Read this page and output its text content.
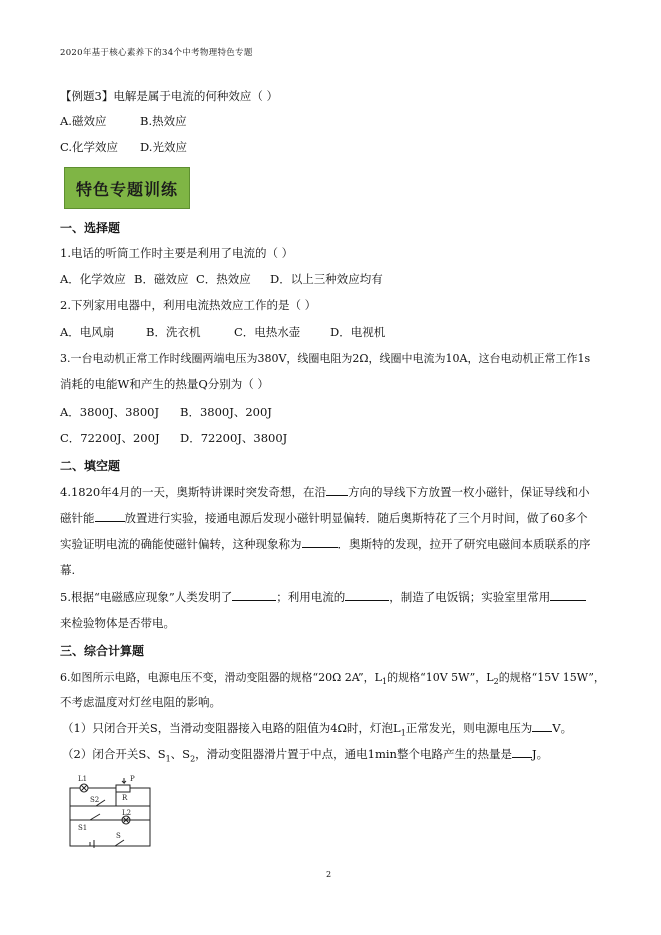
2020年基于核心素养下的34个中考物理特色专题
【例题3】电解是属于电流的何种效应（ ）
A.磁效应	B.热效应
C.化学效应 D.光效应
特色专题训练
一、选择题
1.电话的听筒工作时主要是利用了电流的（ ）
A．化学效应 B．磁效应 C．热效应 D．以上三种效应均有
2.下列家用电器中，利用电流热效应工作的是（ ）
A．电风扇	B．洗衣机	C．电热水壶	D．电视机
3.一台电动机正常工作时线圈两端电压为380V，线圈电阻为2Ω，线圈中电流为10A，这台电动机正常工作1s
消耗的电能W和产生的热量Q分别为（ ）
A．3800J、3800J B．3800J、200J
C．72200J、200J D．72200J、3800J
二、填空题
4.1820年4月的一天，奥斯特讲课时突发奇想，在沿 方向的导线下方放置一枚小磁针，保证导线和小
磁针能	放置进行实验，接通电源后发现小磁针明显偏转．随后奥斯特花了三个月时间，做了60多个
实验证明电流的确能使磁针偏转，这种现象称为	．奥斯特的发现，拉开了研究电磁间本质联系的序
幕.
5.根据“电磁感应现象”人类发明了	；利用电流的	，制造了电饭锅；实验室里常用
来检验物体是否带电。
三、综合计算题
6.如图所示电路，电源电压不变，滑动变阻器的规格“20Ω 2A”，$L_1$的规格“10V 5W”，$L_2$的规格“15V 15W”，
不考虑温度对灯丝电阻的影响。
（1）只闭合开关S，当滑动变阻器接入电路的阻值为4Ω时，灯泡$L_1$正常发光，则电源电压为 V。
（2）闭合开关S、$S_1$、$S_2$，滑动变阻器滑片置于中点，通电1min整个电路产生的热量是 J。
L1	P
R
S2
S1
L2
S
2
